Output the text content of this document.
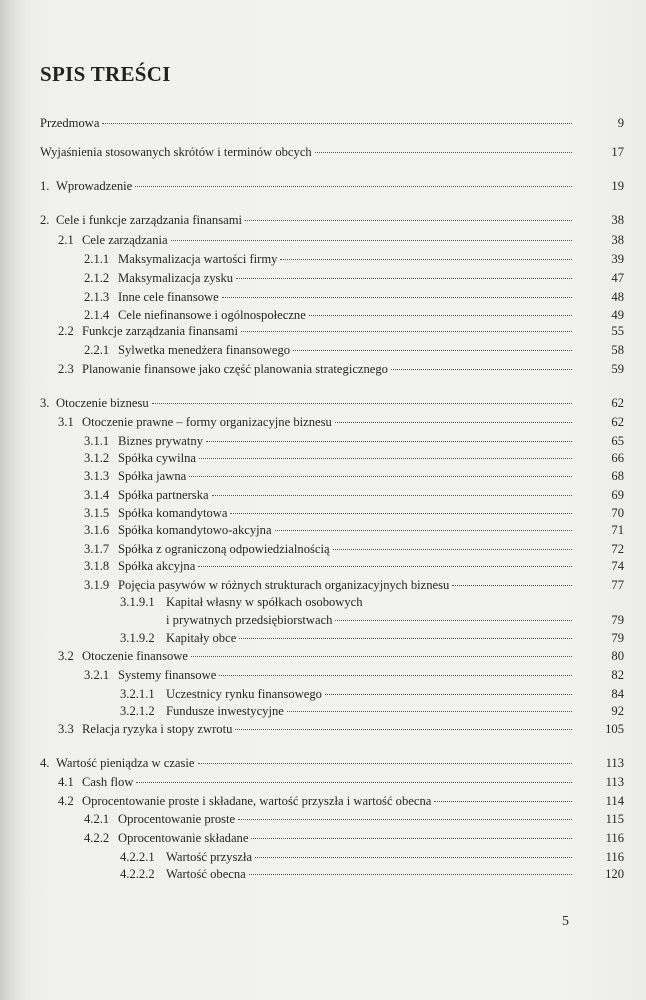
SPIS TREŚCI
Przedmowa	9
Wyjaśnienia stosowanych skrótów i terminów obcych	17
1. Wprowadzenie	19
2. Cele i funkcje zarządzania finansami	38
2.1 Cele zarządzania	38
2.1.1 Maksymalizacja wartości firmy	39
2.1.2 Maksymalizacja zysku	47
2.1.3 Inne cele finansowe	48
2.1.4 Cele niefinansowe i ogólnospołeczne	49
2.2 Funkcje zarządzania finansami	55
2.2.1 Sylwetka menedżera finansowego	58
2.3 Planowanie finansowe jako część planowania strategicznego	59
3. Otoczenie biznesu	62
3.1 Otoczenie prawne – formy organizacyjne biznesu	62
3.1.1 Biznes prywatny	65
3.1.2 Spółka cywilna	66
3.1.3 Spółka jawna	68
3.1.4 Spółka partnerska	69
3.1.5 Spółka komandytowa	70
3.1.6 Spółka komandytowo-akcyjna	71
3.1.7 Spółka z ograniczoną odpowiedzialnością	72
3.1.8 Spółka akcyjna	74
3.1.9 Pojęcia pasywów w różnych strukturach organizacyjnych biznesu	77
3.1.9.1 Kapitał własny w spółkach osobowych
i prywatnych przedsiębiorstwach	79
3.1.9.2 Kapitały obce	79
3.2 Otoczenie finansowe	80
3.2.1 Systemy finansowe	82
3.2.1.1 Uczestnicy rynku finansowego	84
3.2.1.2 Fundusze inwestycyjne	92
3.3 Relacja ryzyka i stopy zwrotu	105
4. Wartość pieniądza w czasie	113
4.1 Cash flow	113
4.2 Oprocentowanie proste i składane, wartość przyszła i wartość obecna	114
4.2.1 Oprocentowanie proste	115
4.2.2 Oprocentowanie składane	116
4.2.2.1 Wartość przyszła	116
4.2.2.2 Wartość obecna	120
5
